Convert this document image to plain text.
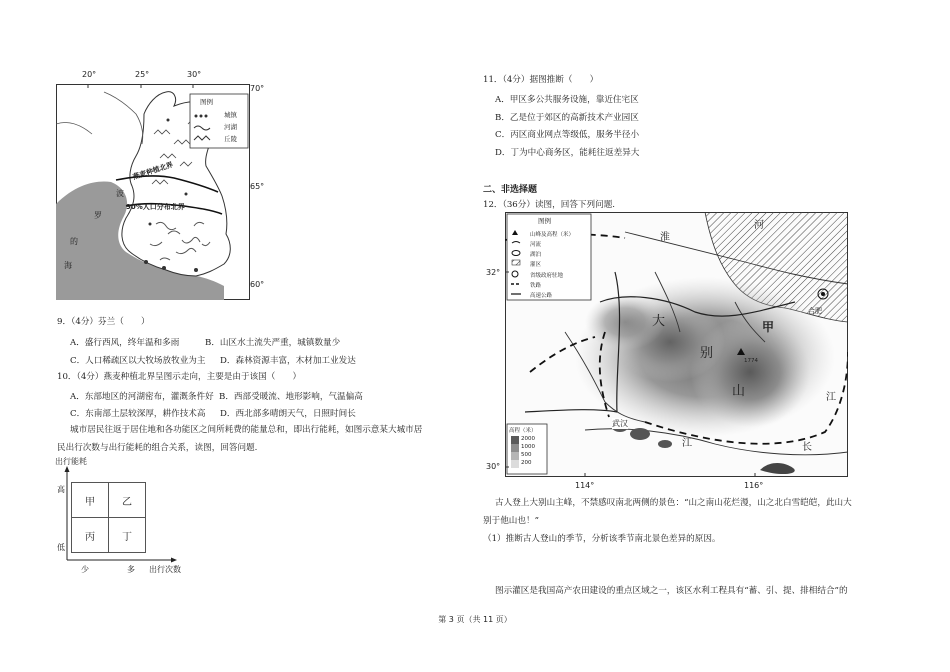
20°	25°	30°
70°
65°
60°
图例
城镇
河湖
丘陵
燕麦种植北界
90%人口分布北界
波
罗
的
海
9．（4分）芬兰（　　）
A．盛行西风，终年温和多雨	B．山区水土流失严重，城镇数量少
C．人口稀疏区以大牧场放牧业为主 D．森林资源丰富，木材加工业发达
10．（4分）燕麦种植北界呈图示走向，主要是由于该国（　　）
A．东部地区的河湖密布，灌溉条件好 B．西部受暖流、地形影响，气温偏高
C．东南部土层较深厚，耕作技术高 D．西北部多晴朗天气，日照时间长
城市居民往返于居住地和各功能区之间所耗费的能量总和，即出行能耗，如图示意某大城市居
民出行次数与出行能耗的组合关系，读图，回答问题.
出行能耗
甲	乙
丙	丁
高
低
少	多 出行次数
11．（4分）据图推断（　　）
A．甲区多公共服务设施，靠近住宅区
B．乙是位于郊区的高新技术产业园区
C．丙区商业网点等级低，服务半径小
D．丁为中心商务区，能耗往返差异大
二、非选择题
12．（36分）读图，回答下列问题.
图例
山峰及高程（米）
河流
湖泊
灌区
省级政府驻地
铁路
高速公路
1774
32°
30°
114°	116°
高程（米）
2000
1000
500
200
淮
河
大
别
山
甲
武汉
长
江
合肥
江
古人登上大别山主峰，不禁感叹南北两侧的景色：“山之南山花烂漫，山之北白雪皑皑，此山大
别于他山也！”
（1）推断古人登山的季节，分析该季节南北景色差异的原因。
图示灌区是我国高产农田建设的重点区域之一，该区水利工程具有“蓄、引、提、排相结合”的
第 3 页（共 11 页）
